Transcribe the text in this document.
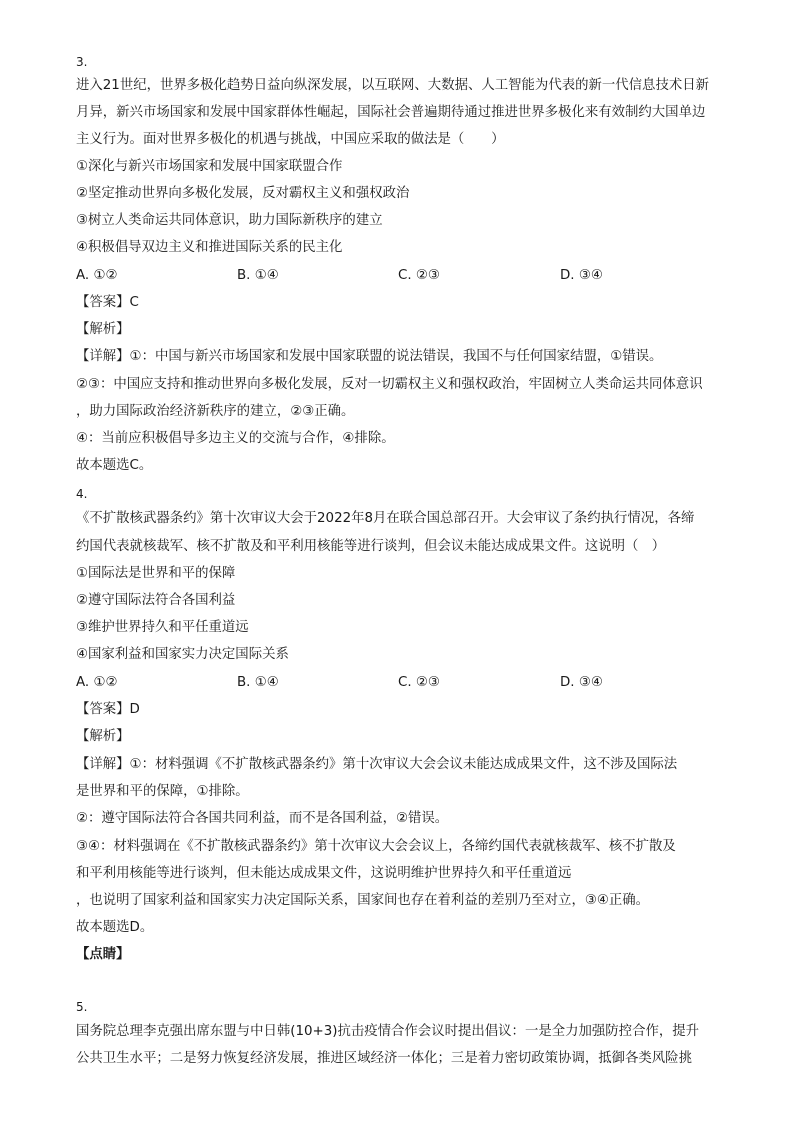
3.
进入21世纪，世界多极化趋势日益向纵深发展，以互联网、大数据、人工智能为代表的新一代信息技术日新
月异，新兴市场国家和发展中国家群体性崛起，国际社会普遍期待通过推进世界多极化来有效制约大国单边
主义行为。面对世界多极化的机遇与挑战，中国应采取的做法是（　　）
①深化与新兴市场国家和发展中国家联盟合作
②坚定推动世界向多极化发展，反对霸权主义和强权政治
③树立人类命运共同体意识，助力国际新秩序的建立
④积极倡导双边主义和推进国际关系的民主化
A. ①②	B. ①④	C. ②③	D. ③④
【答案】C
【解析】
【详解】①：中国与新兴市场国家和发展中国家联盟的说法错误，我国不与任何国家结盟，①错误。
②③：中国应支持和推动世界向多极化发展，反对一切霸权主义和强权政治，牢固树立人类命运共同体意识
，助力国际政治经济新秩序的建立，②③正确。
④：当前应积极倡导多边主义的交流与合作，④排除。
故本题选C。
4.
《不扩散核武器条约》第十次审议大会于2022年8月在联合国总部召开。大会审议了条约执行情况，各缔
约国代表就核裁军、核不扩散及和平利用核能等进行谈判，但会议未能达成成果文件。这说明（　）
①国际法是世界和平的保障
②遵守国际法符合各国利益
③维护世界持久和平任重道远
④国家利益和国家实力决定国际关系
A. ①②	B. ①④	C. ②③	D. ③④
【答案】D
【解析】
【详解】①：材料强调《不扩散核武器条约》第十次审议大会会议未能达成成果文件，这不涉及国际法
是世界和平的保障，①排除。
②：遵守国际法符合各国共同利益，而不是各国利益，②错误。
③④：材料强调在《不扩散核武器条约》第十次审议大会会议上，各缔约国代表就核裁军、核不扩散及
和平利用核能等进行谈判，但未能达成成果文件，这说明维护世界持久和平任重道远
，也说明了国家利益和国家实力决定国际关系，国家间也存在着利益的差别乃至对立，③④正确。
故本题选D。
【点睛】
5.
国务院总理李克强出席东盟与中日韩(10+3)抗击疫情合作会议时提出倡议：一是全力加强防控合作，提升
公共卫生水平；二是努力恢复经济发展，推进区域经济一体化；三是着力密切政策协调，抵御各类风险挑
